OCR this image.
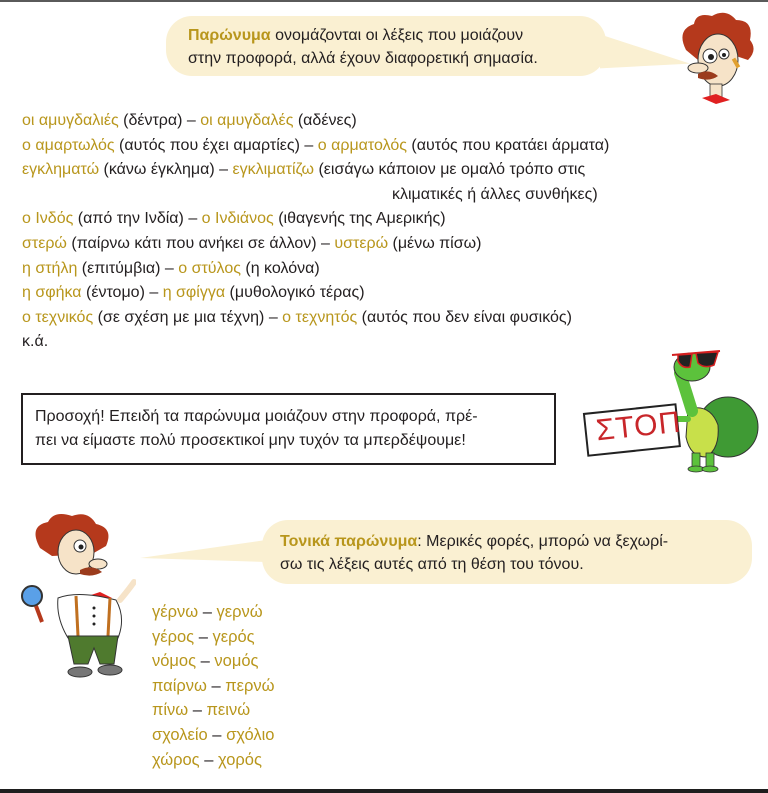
Παρώνυμα ονομάζονται οι λέξεις που μοιάζουν
στην προφορά, αλλά έχουν διαφορετική σημασία.
οι αμυγδαλιές (δέντρα) – οι αμυγδαλές (αδένες)
ο αμαρτωλός (αυτός που έχει αμαρτίες) – ο αρματολός (αυτός που κρατάει άρματα)
εγκληματώ (κάνω έγκλημα) – εγκλιματίζω (εισάγω κάποιον με ομαλό τρόπο στις
κλιματικές ή άλλες συνθήκες)
ο Ινδός (από την Ινδία) – ο Ινδιάνος (ιθαγενής της Αμερικής)
στερώ (παίρνω κάτι που ανήκει σε άλλον) – υστερώ (μένω πίσω)
η στήλη (επιτύμβια) – ο στύλος (η κολόνα)
η σφήκα (έντομο) – η σφίγγα (μυθολογικό τέρας)
ο τεχνικός (σε σχέση με μια τέχνη) – ο τεχνητός (αυτός που δεν είναι φυσικός)
κ.ά.
Προσοχή! Επειδή τα παρώνυμα μοιάζουν στην προφορά, πρέ-
πει να είμαστε πολύ προσεκτικοί μην τυχόν τα μπερδέψουμε!	ΣΤΟΠ
Τονικά παρώνυμα: Μερικές φορές, μπορώ να ξεχωρί-
σω τις λέξεις αυτές από τη θέση του τόνου.
γέρνω – γερνώ
γέρος – γερός
νόμος – νομός
παίρνω – περνώ
πίνω – πεινώ
σχολείο – σχόλιο
χώρος – χορός
